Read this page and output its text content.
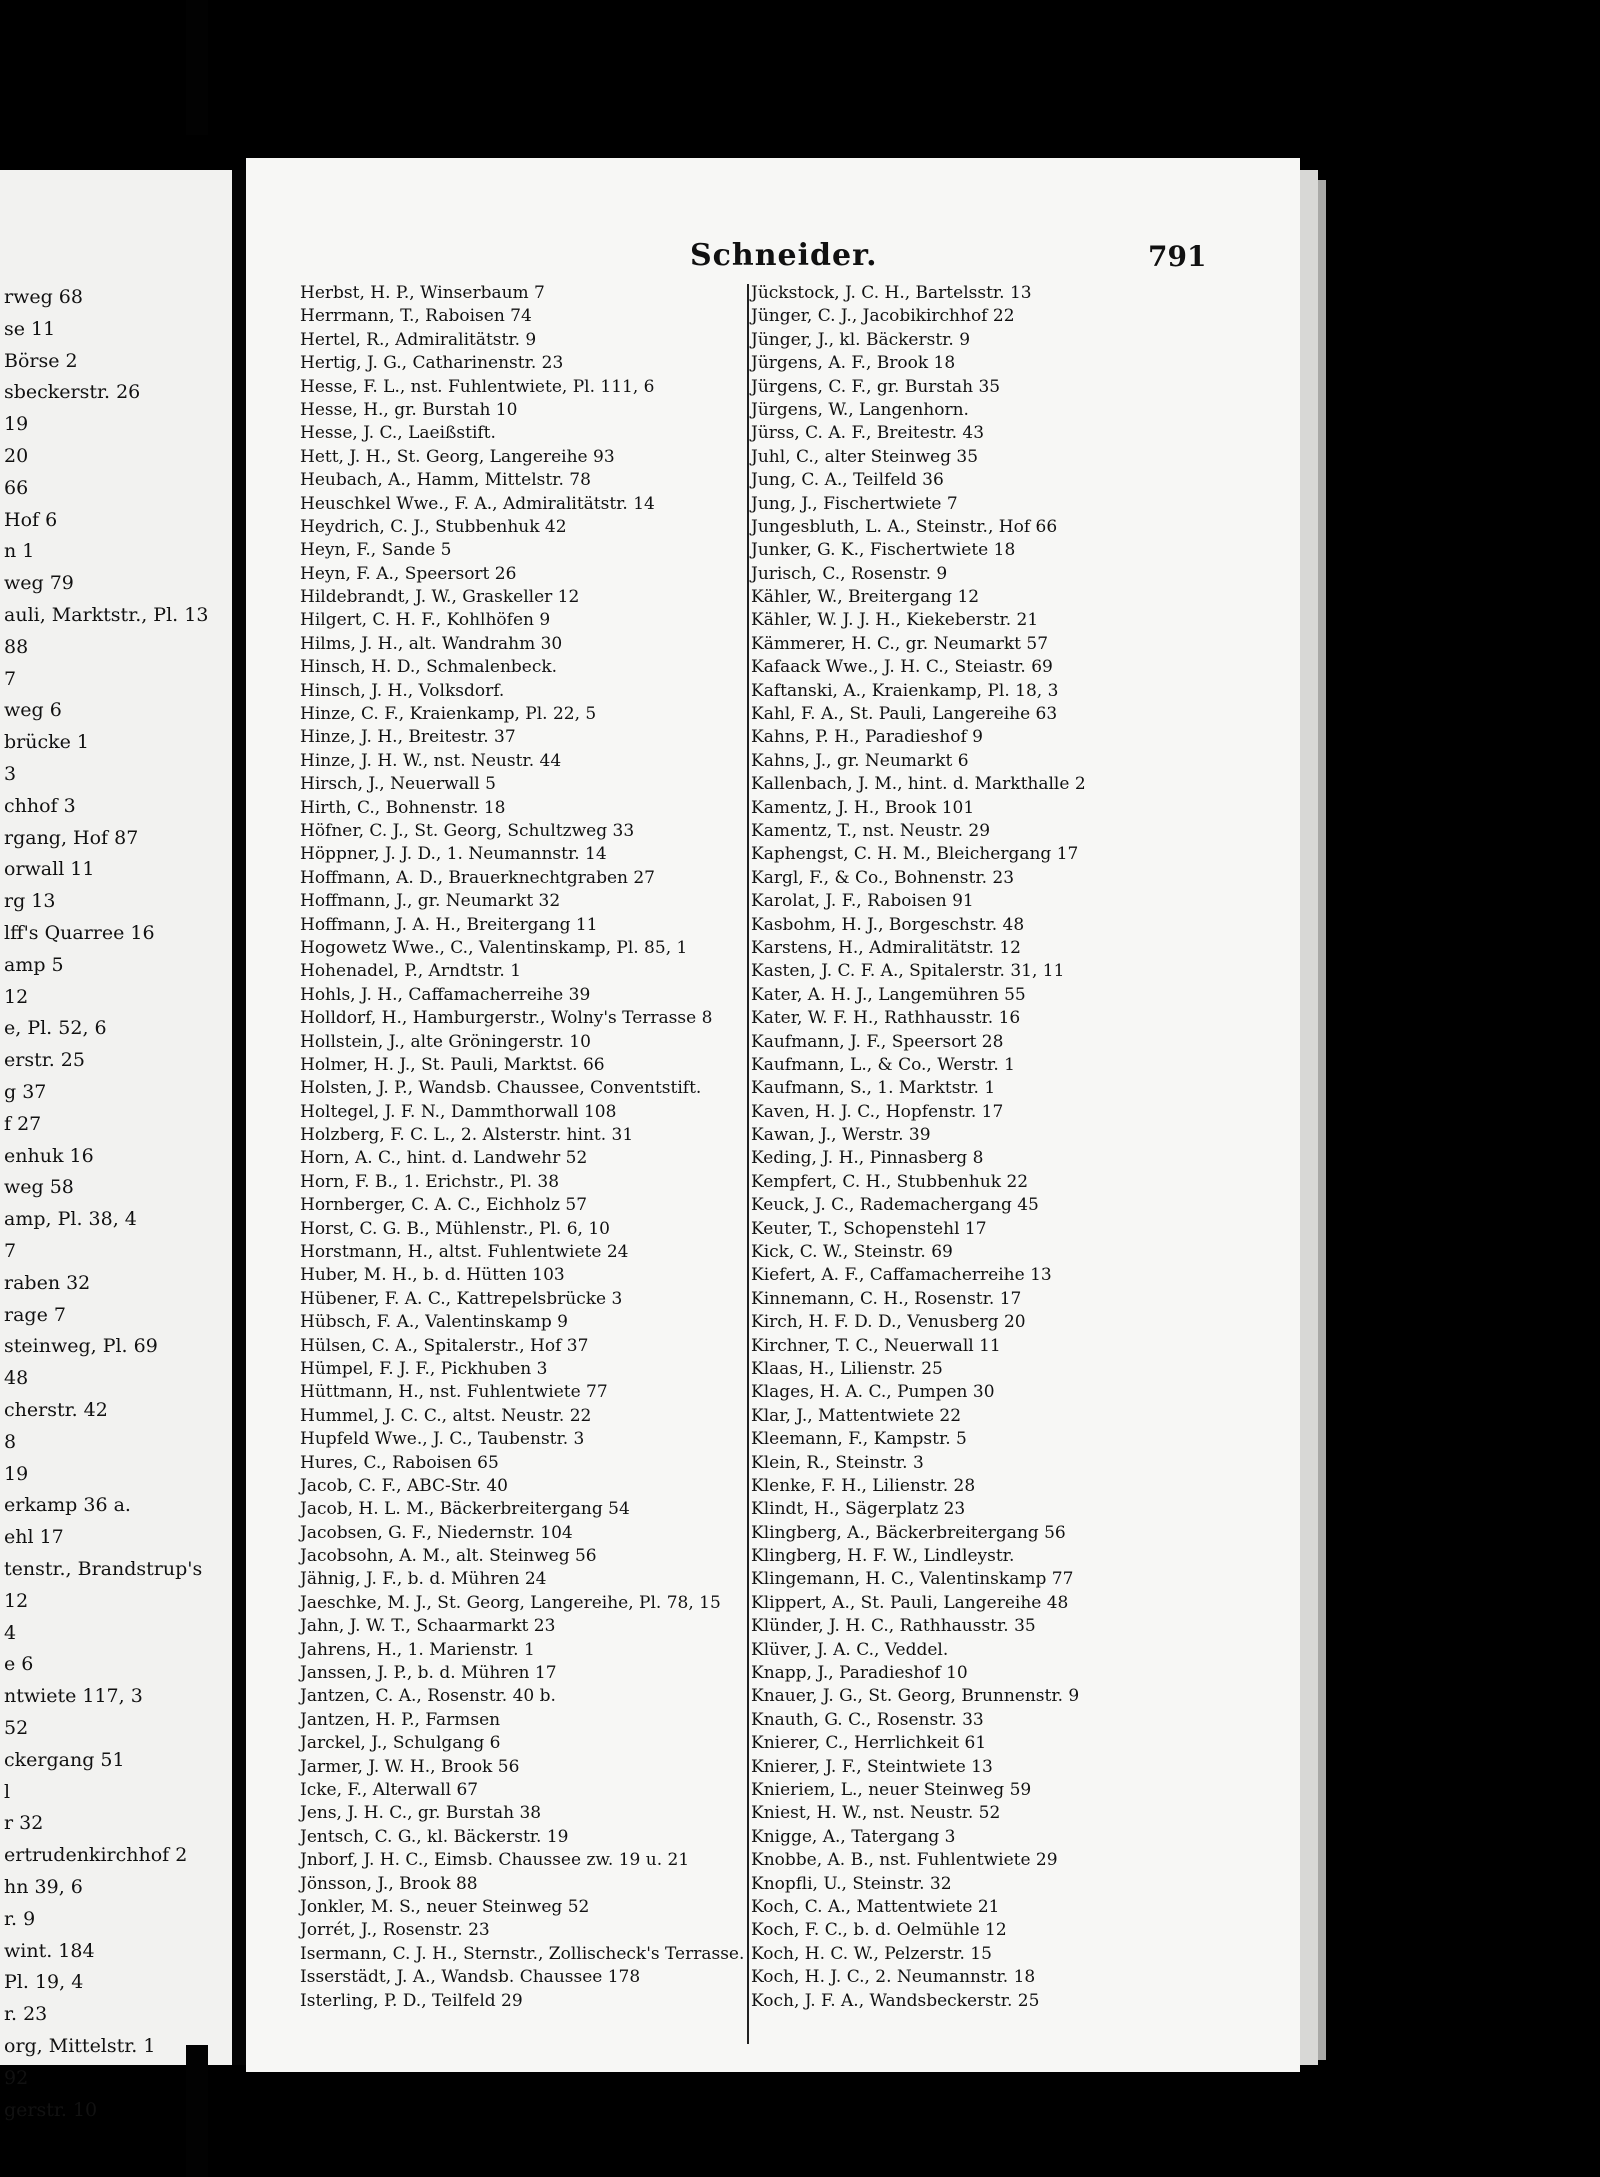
rweg 68
se 11
Börse 2
sbeckerstr. 26
19
20
66
Hof 6
n 1
weg 79
auli, Marktstr., Pl. 13
88
7
weg 6
brücke 1
3
chhof 3
rgang, Hof 87
orwall 11
rg 13
lff's Quarree 16
amp 5
12
e, Pl. 52, 6
erstr. 25
g 37
f 27
enhuk 16
weg 58
amp, Pl. 38, 4
7
raben 32
rage 7
steinweg, Pl. 69
48
cherstr. 42
8
19
erkamp 36 a.
ehl 17
tenstr., Brandstrup's
12
4
e 6
ntwiete 117, 3
52
ckergang 51
l
r 32
ertrudenkirchhof 2
hn 39, 6
r. 9
wint. 184
Pl. 19, 4
r. 23
org, Mittelstr. 1
92
gerstr. 10
Schneider.	791
Herbst, H. P., Winserbaum 7
Herrmann, T., Raboisen 74
Hertel, R., Admiralitätstr. 9
Hertig, J. G., Catharinenstr. 23
Hesse, F. L., nst. Fuhlentwiete, Pl. 111, 6
Hesse, H., gr. Burstah 10
Hesse, J. C., Laeißstift.
Hett, J. H., St. Georg, Langereihe 93
Heubach, A., Hamm, Mittelstr. 78
Heuschkel Wwe., F. A., Admiralitätstr. 14
Heydrich, C. J., Stubbenhuk 42
Heyn, F., Sande 5
Heyn, F. A., Speersort 26
Hildebrandt, J. W., Graskeller 12
Hilgert, C. H. F., Kohlhöfen 9
Hilms, J. H., alt. Wandrahm 30
Hinsch, H. D., Schmalenbeck.
Hinsch, J. H., Volksdorf.
Hinze, C. F., Kraienkamp, Pl. 22, 5
Hinze, J. H., Breitestr. 37
Hinze, J. H. W., nst. Neustr. 44
Hirsch, J., Neuerwall 5
Hirth, C., Bohnenstr. 18
Höfner, C. J., St. Georg, Schultzweg 33
Höppner, J. J. D., 1. Neumannstr. 14
Hoffmann, A. D., Brauerknechtgraben 27
Hoffmann, J., gr. Neumarkt 32
Hoffmann, J. A. H., Breitergang 11
Hogowetz Wwe., C., Valentinskamp, Pl. 85, 1
Hohenadel, P., Arndtstr. 1
Hohls, J. H., Caffamacherreihe 39
Holldorf, H., Hamburgerstr., Wolny's Terrasse 8
Hollstein, J., alte Gröningerstr. 10
Holmer, H. J., St. Pauli, Marktst. 66
Holsten, J. P., Wandsb. Chaussee, Conventstift.
Holtegel, J. F. N., Dammthorwall 108
Holzberg, F. C. L., 2. Alsterstr. hint. 31
Horn, A. C., hint. d. Landwehr 52
Horn, F. B., 1. Erichstr., Pl. 38
Hornberger, C. A. C., Eichholz 57
Horst, C. G. B., Mühlenstr., Pl. 6, 10
Horstmann, H., altst. Fuhlentwiete 24
Huber, M. H., b. d. Hütten 103
Hübener, F. A. C., Kattrepelsbrücke 3
Hübsch, F. A., Valentinskamp 9
Hülsen, C. A., Spitalerstr., Hof 37
Hümpel, F. J. F., Pickhuben 3
Hüttmann, H., nst. Fuhlentwiete 77
Hummel, J. C. C., altst. Neustr. 22
Hupfeld Wwe., J. C., Taubenstr. 3
Hures, C., Raboisen 65
Jacob, C. F., ABC-Str. 40
Jacob, H. L. M., Bäckerbreitergang 54
Jacobsen, G. F., Niedernstr. 104
Jacobsohn, A. M., alt. Steinweg 56
Jähnig, J. F., b. d. Mühren 24
Jaeschke, M. J., St. Georg, Langereihe, Pl. 78, 15
Jahn, J. W. T., Schaarmarkt 23
Jahrens, H., 1. Marienstr. 1
Janssen, J. P., b. d. Mühren 17
Jantzen, C. A., Rosenstr. 40 b.
Jantzen, H. P., Farmsen
Jarckel, J., Schulgang 6
Jarmer, J. W. H., Brook 56
Icke, F., Alterwall 67
Jens, J. H. C., gr. Burstah 38
Jentsch, C. G., kl. Bäckerstr. 19
Jnborf, J. H. C., Eimsb. Chaussee zw. 19 u. 21
Jönsson, J., Brook 88
Jonkler, M. S., neuer Steinweg 52
Jorrét, J., Rosenstr. 23
Isermann, C. J. H., Sternstr., Zollischeck's Terrasse.
Isserstädt, J. A., Wandsb. Chaussee 178
Isterling, P. D., Teilfeld 29
Jückstock, J. C. H., Bartelsstr. 13
Jünger, C. J., Jacobikirchhof 22
Jünger, J., kl. Bäckerstr. 9
Jürgens, A. F., Brook 18
Jürgens, C. F., gr. Burstah 35
Jürgens, W., Langenhorn.
Jürss, C. A. F., Breitestr. 43
Juhl, C., alter Steinweg 35
Jung, C. A., Teilfeld 36
Jung, J., Fischertwiete 7
Jungesbluth, L. A., Steinstr., Hof 66
Junker, G. K., Fischertwiete 18
Jurisch, C., Rosenstr. 9
Kähler, W., Breitergang 12
Kähler, W. J. J. H., Kiekeberstr. 21
Kämmerer, H. C., gr. Neumarkt 57
Kafaack Wwe., J. H. C., Steiastr. 69
Kaftanski, A., Kraienkamp, Pl. 18, 3
Kahl, F. A., St. Pauli, Langereihe 63
Kahns, P. H., Paradieshof 9
Kahns, J., gr. Neumarkt 6
Kallenbach, J. M., hint. d. Markthalle 2
Kamentz, J. H., Brook 101
Kamentz, T., nst. Neustr. 29
Kaphengst, C. H. M., Bleichergang 17
Kargl, F., & Co., Bohnenstr. 23
Karolat, J. F., Raboisen 91
Kasbohm, H. J., Borgeschstr. 48
Karstens, H., Admiralitätstr. 12
Kasten, J. C. F. A., Spitalerstr. 31, 11
Kater, A. H. J., Langemühren 55
Kater, W. F. H., Rathhausstr. 16
Kaufmann, J. F., Speersort 28
Kaufmann, L., & Co., Werstr. 1
Kaufmann, S., 1. Marktstr. 1
Kaven, H. J. C., Hopfenstr. 17
Kawan, J., Werstr. 39
Keding, J. H., Pinnasberg 8
Kempfert, C. H., Stubbenhuk 22
Keuck, J. C., Rademachergang 45
Keuter, T., Schopenstehl 17
Kick, C. W., Steinstr. 69
Kiefert, A. F., Caffamacherreihe 13
Kinnemann, C. H., Rosenstr. 17
Kirch, H. F. D. D., Venusberg 20
Kirchner, T. C., Neuerwall 11
Klaas, H., Lilienstr. 25
Klages, H. A. C., Pumpen 30
Klar, J., Mattentwiete 22
Kleemann, F., Kampstr. 5
Klein, R., Steinstr. 3
Klenke, F. H., Lilienstr. 28
Klindt, H., Sägerplatz 23
Klingberg, A., Bäckerbreitergang 56
Klingberg, H. F. W., Lindleystr.
Klingemann, H. C., Valentinskamp 77
Klippert, A., St. Pauli, Langereihe 48
Klünder, J. H. C., Rathhausstr. 35
Klüver, J. A. C., Veddel.
Knapp, J., Paradieshof 10
Knauer, J. G., St. Georg, Brunnenstr. 9
Knauth, G. C., Rosenstr. 33
Knierer, C., Herrlichkeit 61
Knierer, J. F., Steintwiete 13
Knieriem, L., neuer Steinweg 59
Kniest, H. W., nst. Neustr. 52
Knigge, A., Tatergang 3
Knobbe, A. B., nst. Fuhlentwiete 29
Knopfli, U., Steinstr. 32
Koch, C. A., Mattentwiete 21
Koch, F. C., b. d. Oelmühle 12
Koch, H. C. W., Pelzerstr. 15
Koch, H. J. C., 2. Neumannstr. 18
Koch, J. F. A., Wandsbeckerstr. 25
